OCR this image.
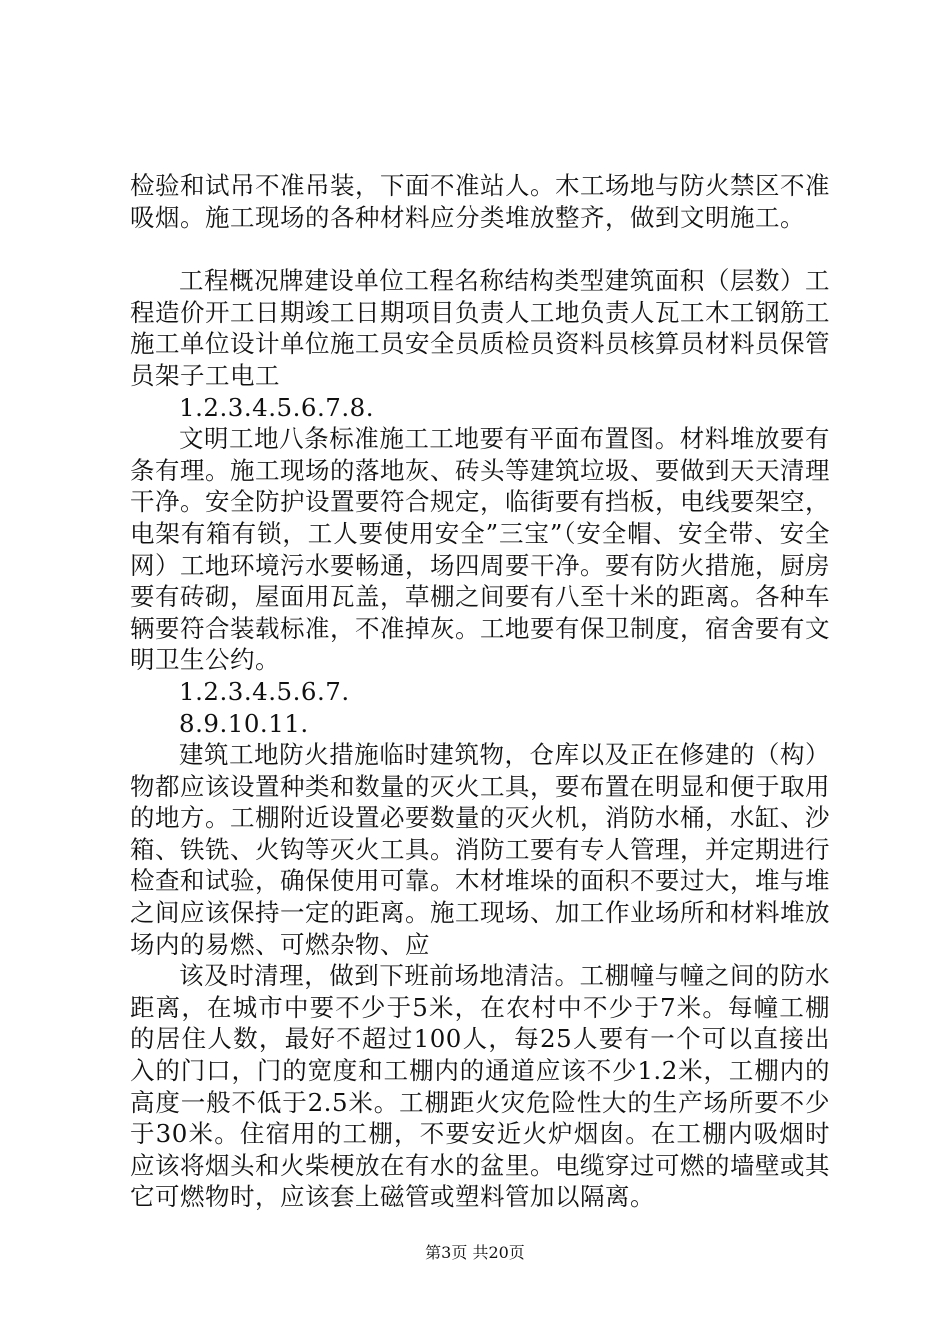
检验和试吊不准吊装，下面不准站人。木工场地与防火禁区不准吸烟。施工现场的各种材料应分类堆放整齐，做到文明施工。

工程概况牌建设单位工程名称结构类型建筑面积（层数）工程造价开工日期竣工日期项目负责人工地负责人瓦工木工钢筋工施工单位设计单位施工员安全员质检员资料员核算员材料员保管员架子工电工

1.2.3.4.5.6.7.8.

文明工地八条标准施工工地要有平面布置图。材料堆放要有条有理。施工现场的落地灰、砖头等建筑垃圾、要做到天天清理干净。安全防护设置要符合规定，临街要有挡板，电线要架空，电架有箱有锁，工人要使用安全”三宝”（安全帽、安全带、安全网）工地环境污水要畅通，场四周要干净。要有防火措施，厨房要有砖砌，屋面用瓦盖，草棚之间要有八至十米的距离。各种车辆要符合装载标准，不准掉灰。工地要有保卫制度，宿舍要有文明卫生公约。

1.2.3.4.5.6.7.

8.9.10.11.

建筑工地防火措施临时建筑物，仓库以及正在修建的（构）物都应该设置种类和数量的灭火工具，要布置在明显和便于取用的地方。工棚附近设置必要数量的灭火机，消防水桶，水缸、沙箱、铁铣、火钩等灭火工具。消防工要有专人管理，并定期进行检查和试验，确保使用可靠。木材堆垛的面积不要过大，堆与堆之间应该保持一定的距离。施工现场、加工作业场所和材料堆放场内的易燃、可燃杂物、应

该及时清理，做到下班前场地清洁。工棚幢与幢之间的防水距离，在城市中要不少于5米，在农村中不少于7米。每幢工棚的居住人数，最好不超过100人，每25人要有一个可以直接出入的门口，门的宽度和工棚内的通道应该不少1.2米，工棚内的高度一般不低于2.5米。工棚距火灾危险性大的生产场所要不少于30米。住宿用的工棚，不要安近火炉烟囱。在工棚内吸烟时应该将烟头和火柴梗放在有水的盆里。电缆穿过可燃的墙壁或其它可燃物时，应该套上磁管或塑料管加以隔离。

第3页 共20页
